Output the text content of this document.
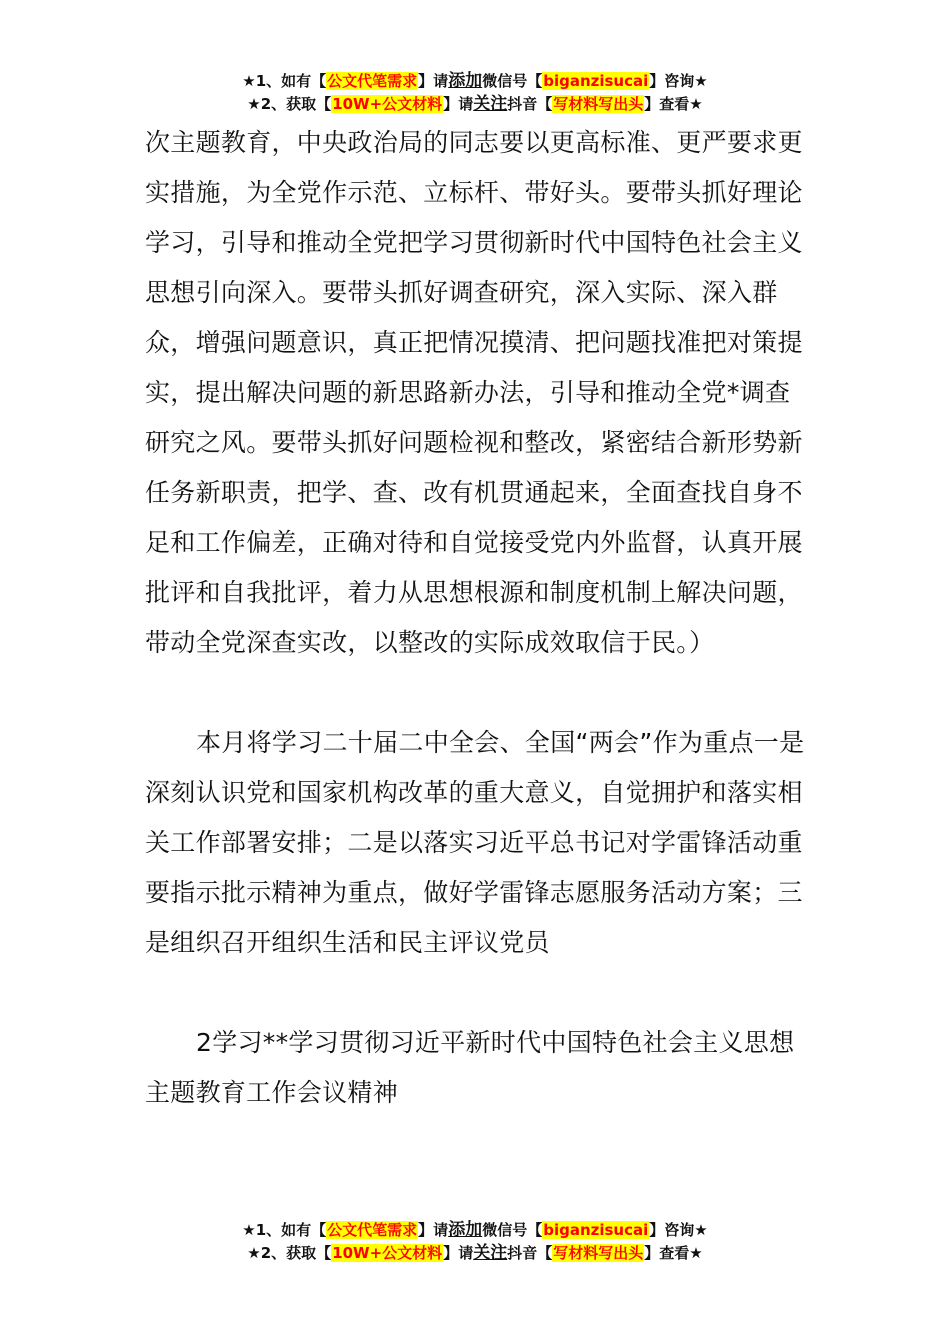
★1、如有【公文代笔需求】请添加微信号【biganzisucai】咨询★
★2、获取【10W+公文材料】请关注抖音【写材料写出头】查看★

次主题教育，中央政治局的同志要以更高标准、更严要求更实措施，为全党作示范、立标杆、带好头。要带头抓好理论学习，引导和推动全党把学习贯彻新时代中国特色社会主义思想引向深入。要带头抓好调查研究，深入实际、深入群众，增强问题意识，真正把情况摸清、把问题找准把对策提实，提出解决问题的新思路新办法，引导和推动全党*调查研究之风。要带头抓好问题检视和整改，紧密结合新形势新任务新职责，把学、查、改有机贯通起来，全面查找自身不足和工作偏差，正确对待和自觉接受党内外监督，认真开展批评和自我批评，着力从思想根源和制度机制上解决问题，带动全党深查实改，以整改的实际成效取信于民。）

本月将学习二十届二中全会、全国“两会”作为重点一是深刻认识党和国家机构改革的重大意义，自觉拥护和落实相关工作部署安排；二是以落实习近平总书记对学雷锋活动重要指示批示精神为重点，做好学雷锋志愿服务活动方案；三是组织召开组织生活和民主评议党员

2学习**学习贯彻习近平新时代中国特色社会主义思想主题教育工作会议精神

★1、如有【公文代笔需求】请添加微信号【biganzisucai】咨询★
★2、获取【10W+公文材料】请关注抖音【写材料写出头】查看★
